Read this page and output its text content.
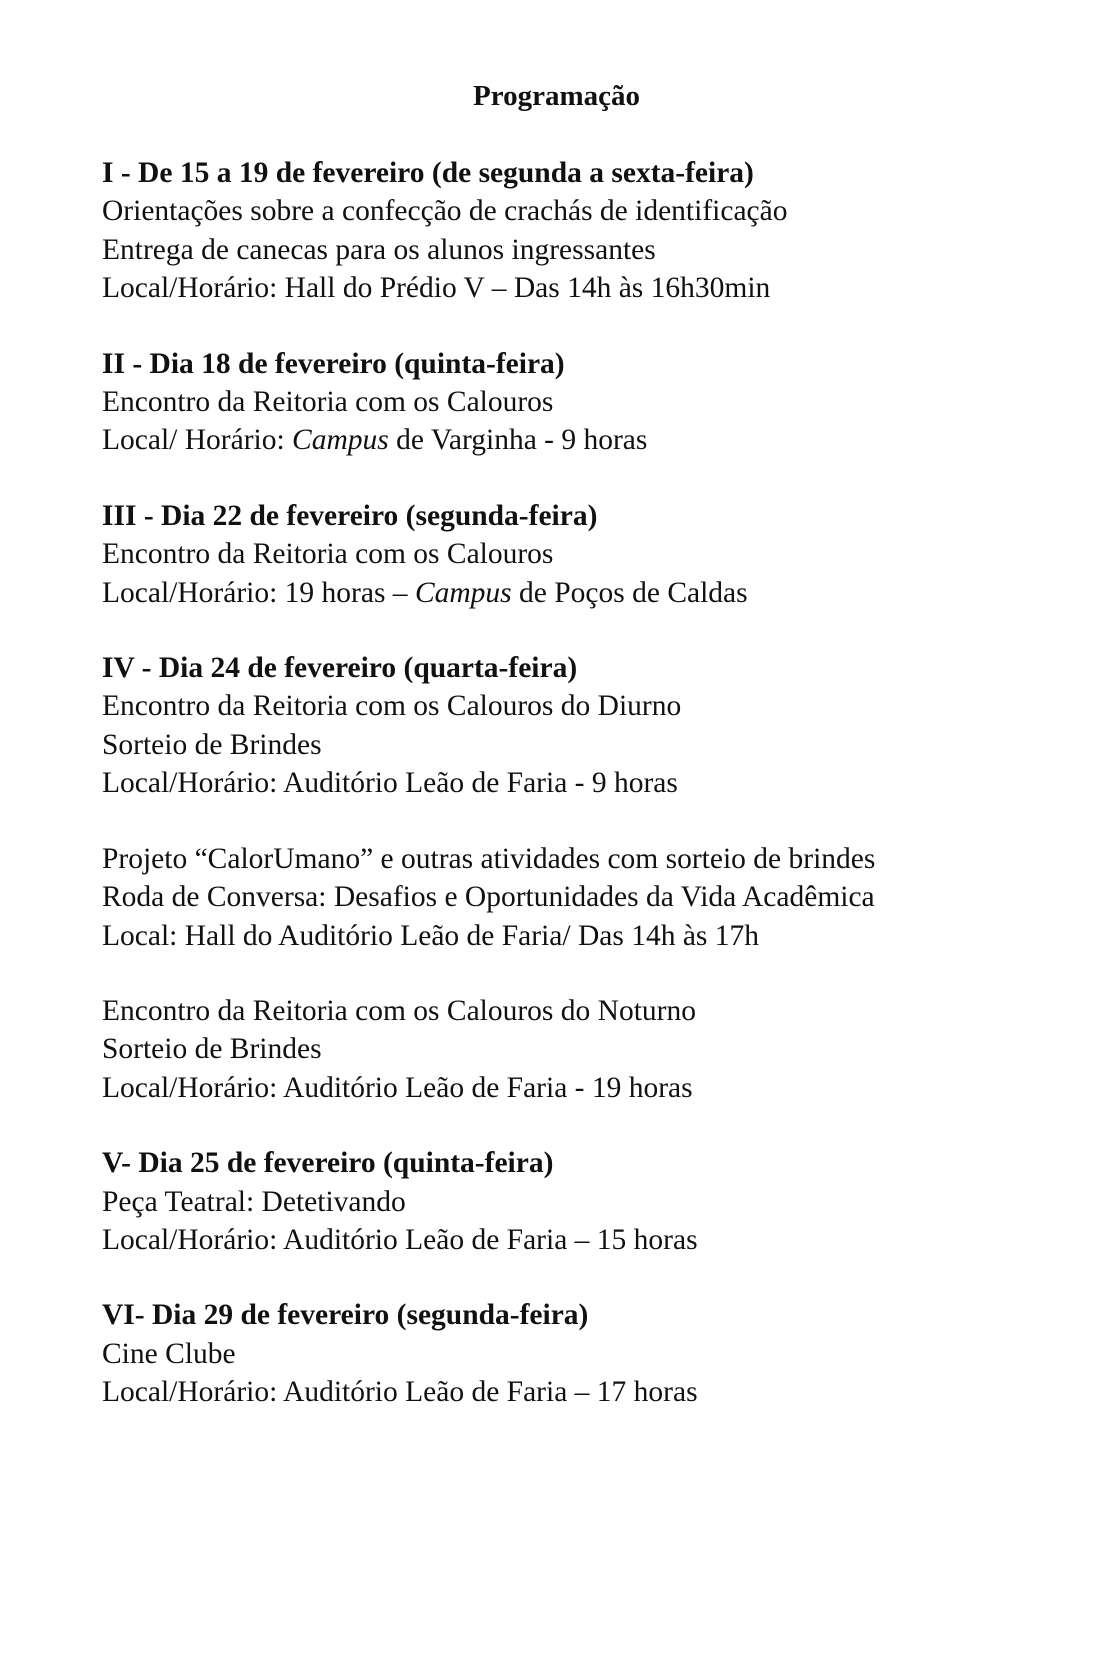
Programação

I - De 15 a 19 de fevereiro (de segunda a sexta-feira)

Orientações sobre a confecção de crachás de identificação

Entrega de canecas para os alunos ingressantes

Local/Horário: Hall do Prédio V – Das 14h às 16h30min

II - Dia 18 de fevereiro (quinta-feira)

Encontro da Reitoria com os Calouros

Local/ Horário: Campus de Varginha - 9 horas

III - Dia 22 de fevereiro (segunda-feira)

Encontro da Reitoria com os Calouros

Local/Horário: 19 horas – Campus de Poços de Caldas

IV - Dia 24 de fevereiro (quarta-feira)

Encontro da Reitoria com os Calouros do Diurno

Sorteio de Brindes

Local/Horário: Auditório Leão de Faria - 9 horas

Projeto “CalorUmano” e outras atividades com sorteio de brindes

Roda de Conversa: Desafios e Oportunidades da Vida Acadêmica

Local: Hall do Auditório Leão de Faria/ Das 14h às 17h

Encontro da Reitoria com os Calouros do Noturno

Sorteio de Brindes

Local/Horário: Auditório Leão de Faria - 19 horas

V- Dia 25 de fevereiro (quinta-feira)

Peça Teatral: Detetivando

Local/Horário: Auditório Leão de Faria – 15 horas

VI- Dia 29 de fevereiro (segunda-feira)

Cine Clube

Local/Horário: Auditório Leão de Faria – 17 horas
